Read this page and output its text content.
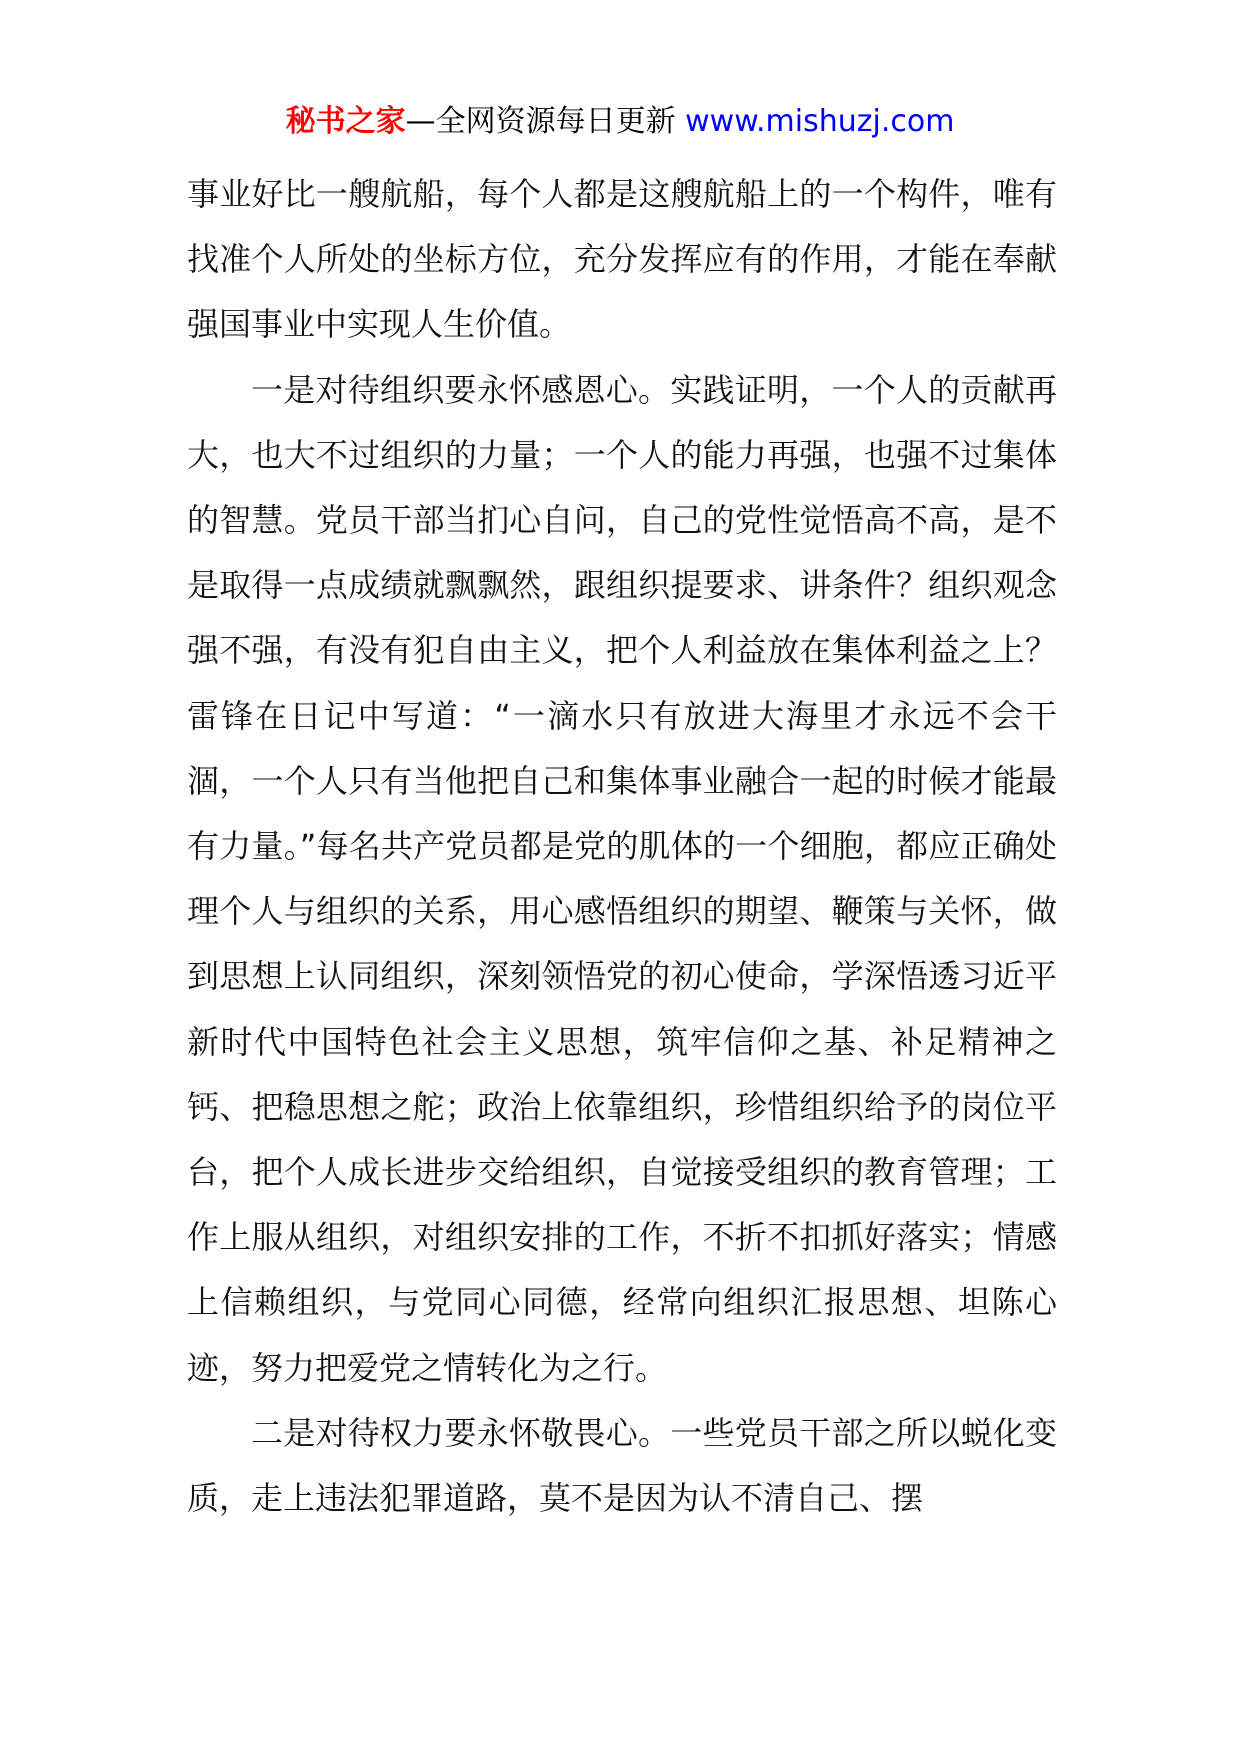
秘书之家—全网资源每日更新 www.mishuzj.com

事业好比一艘航船，每个人都是这艘航船上的一个构件，唯有找准个人所处的坐标方位，充分发挥应有的作用，才能在奉献强国事业中实现人生价值。

一是对待组织要永怀感恩心。实践证明，一个人的贡献再大，也大不过组织的力量；一个人的能力再强，也强不过集体的智慧。党员干部当扪心自问，自己的党性觉悟高不高，是不是取得一点成绩就飘飘然，跟组织提要求、讲条件？组织观念强不强，有没有犯自由主义，把个人利益放在集体利益之上？雷锋在日记中写道：“一滴水只有放进大海里才永远不会干涸，一个人只有当他把自己和集体事业融合一起的时候才能最有力量。”每名共产党员都是党的肌体的一个细胞，都应正确处理个人与组织的关系，用心感悟组织的期望、鞭策与关怀，做到思想上认同组织，深刻领悟党的初心使命，学深悟透习近平新时代中国特色社会主义思想，筑牢信仰之基、补足精神之钙、把稳思想之舵；政治上依靠组织，珍惜组织给予的岗位平台，把个人成长进步交给组织，自觉接受组织的教育管理；工作上服从组织，对组织安排的工作，不折不扣抓好落实；情感上信赖组织，与党同心同德，经常向组织汇报思想、坦陈心迹，努力把爱党之情转化为之行。

二是对待权力要永怀敬畏心。一些党员干部之所以蜕化变质，走上违法犯罪道路，莫不是因为认不清自己、摆
